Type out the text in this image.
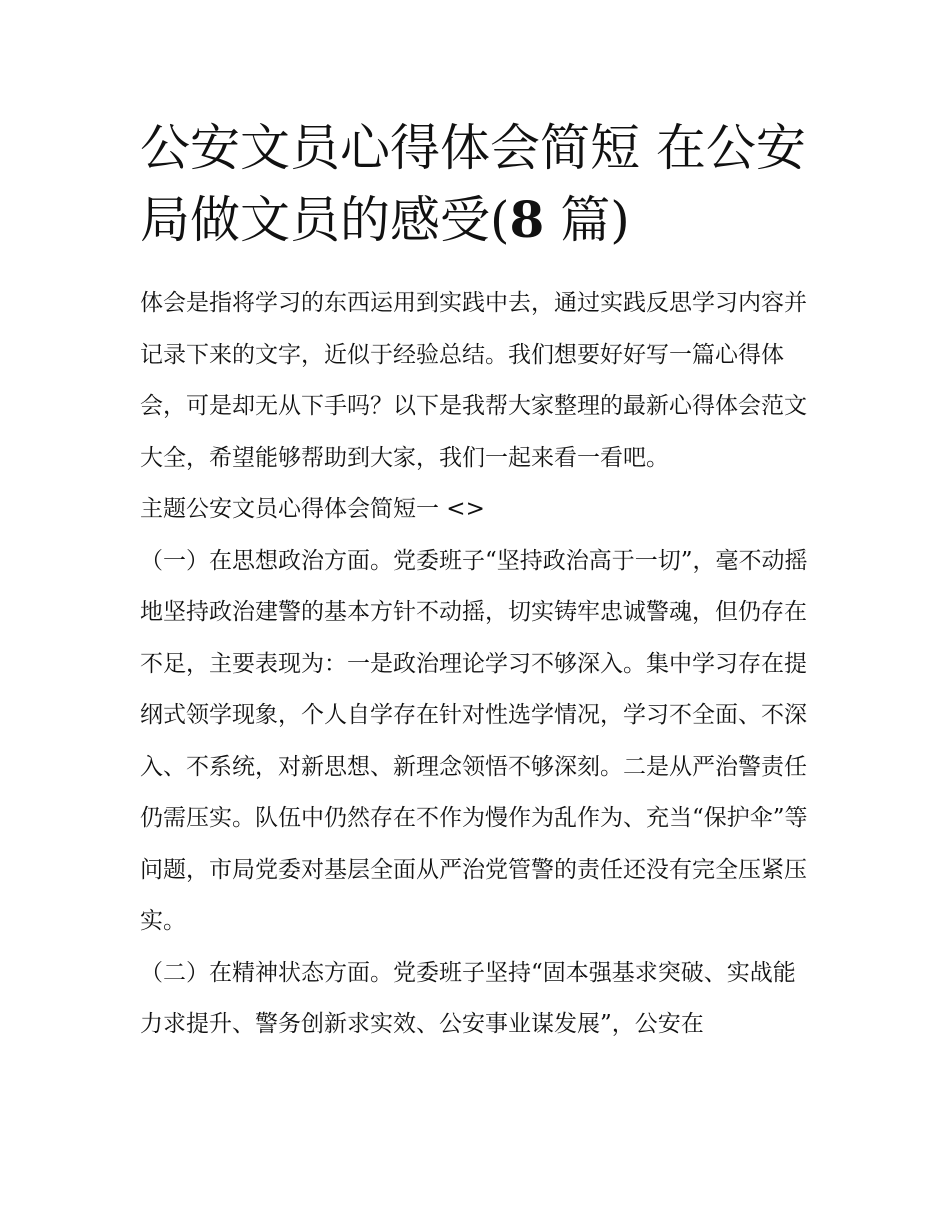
公安文员心得体会简短 在公安局做文员的感受(8 篇)

体会是指将学习的东西运用到实践中去，通过实践反思学习内容并记录下来的文字，近似于经验总结。我们想要好好写一篇心得体会，可是却无从下手吗？以下是我帮大家整理的最新心得体会范文大全，希望能够帮助到大家，我们一起来看一看吧。

主题公安文员心得体会简短一 <>

（一）在思想政治方面。党委班子“坚持政治高于一切”，毫不动摇地坚持政治建警的基本方针不动摇，切实铸牢忠诚警魂，但仍存在不足，主要表现为：一是政治理论学习不够深入。集中学习存在提纲式领学现象，个人自学存在针对性选学情况，学习不全面、不深入、不系统，对新思想、新理念领悟不够深刻。二是从严治警责任仍需压实。队伍中仍然存在不作为慢作为乱作为、充当“保护伞”等问题，市局党委对基层全面从严治党管警的责任还没有完全压紧压实。

（二）在精神状态方面。党委班子坚持“固本强基求突破、实战能力求提升、警务创新求实效、公安事业谋发展”，公安在
